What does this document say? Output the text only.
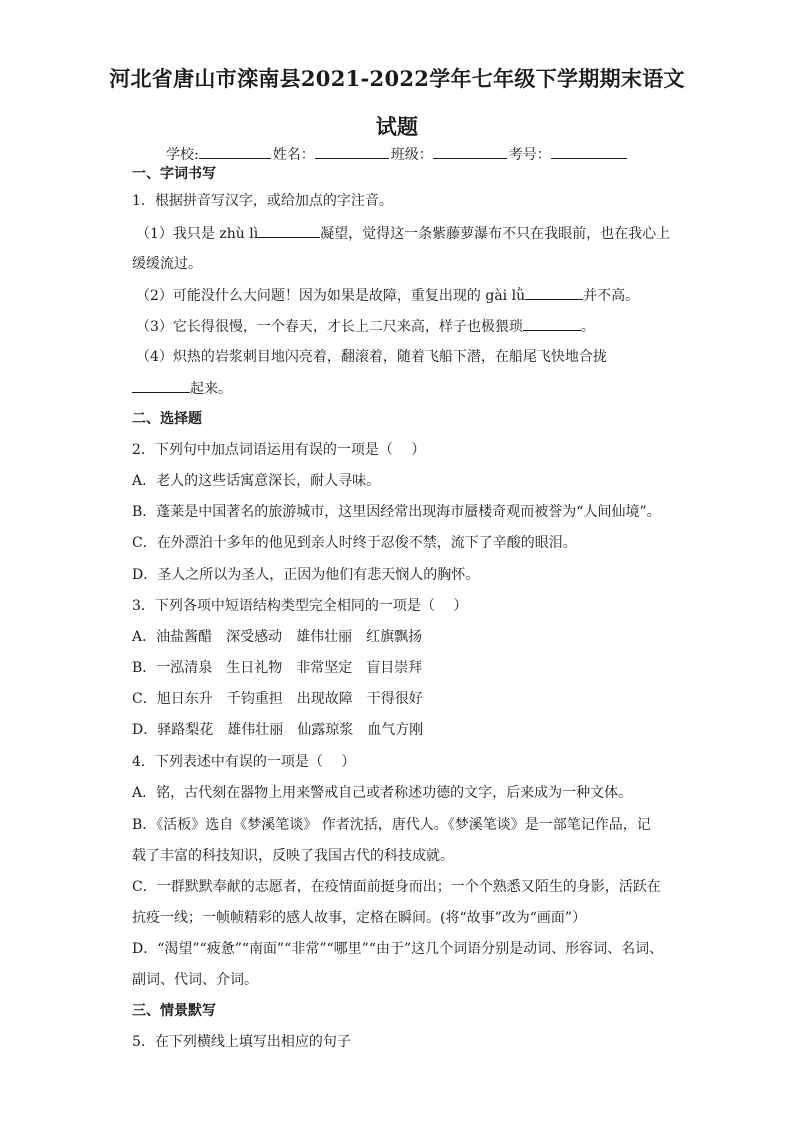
河北省唐山市滦南县2021-2022学年七年级下学期期末语文
试题
学校:	姓名：	班级：	考号：
一、字词书写
1．根据拼音写汉字，或给加点的字注音。
（1）我只是 zhù lì	凝望，觉得这一条紫藤萝瀑布不只在我眼前，也在我心上
缓缓流过。
（2）可能没什么大问题！因为如果是故障，重复出现的 gài lǜ	并不高。
（3）它长得很慢，一个春天，才长上二尺来高，样子也极猥琐	。
（4）炽热的岩浆刺目地闪亮着，翻滚着，随着飞船下潜，在船尾飞快地合拢
起来。
二、选择题
2．下列句中加点词语运用有误的一项是（　 ）
A．老人的这些话寓意深长，耐人寻味。
B．蓬莱是中国著名的旅游城市，这里因经常出现海市蜃楼奇观而被誉为“人间仙境”。
C．在外漂泊十多年的他见到亲人时终于忍俊不禁，流下了辛酸的眼泪。
D．圣人之所以为圣人，正因为他们有悲天悯人的胸怀。
3．下列各项中短语结构类型完全相同的一项是（　 ）
A．油盐酱醋　深受感动　雄伟壮丽　红旗飘扬
B．一泓清泉　生日礼物　非常坚定　盲目崇拜
C．旭日东升　千钧重担　出现故障　干得很好
D．驿路梨花　雄伟壮丽　仙露琼浆　血气方刚
4．下列表述中有误的一项是（　 ）
A．铭，古代刻在器物上用来警戒自己或者称述功德的文字，后来成为一种文体。
B．《活板》选自《梦溪笔谈》 作者沈括，唐代人。《梦溪笔谈》是一部笔记作品，记
载了丰富的科技知识，反映了我国古代的科技成就。
C．一群默默奉献的志愿者，在疫情面前挺身而出；一个个熟悉又陌生的身影，活跃在
抗疫一线；一帧帧精彩的感人故事，定格在瞬间。(将“故事”改为“画面”）
D．“渴望”“疲惫”“南面”“非常”“哪里”“由于”这几个词语分别是动词、形容词、名词、
副词、代词、介词。
三、情景默写
5．在下列横线上填写出相应的句子
